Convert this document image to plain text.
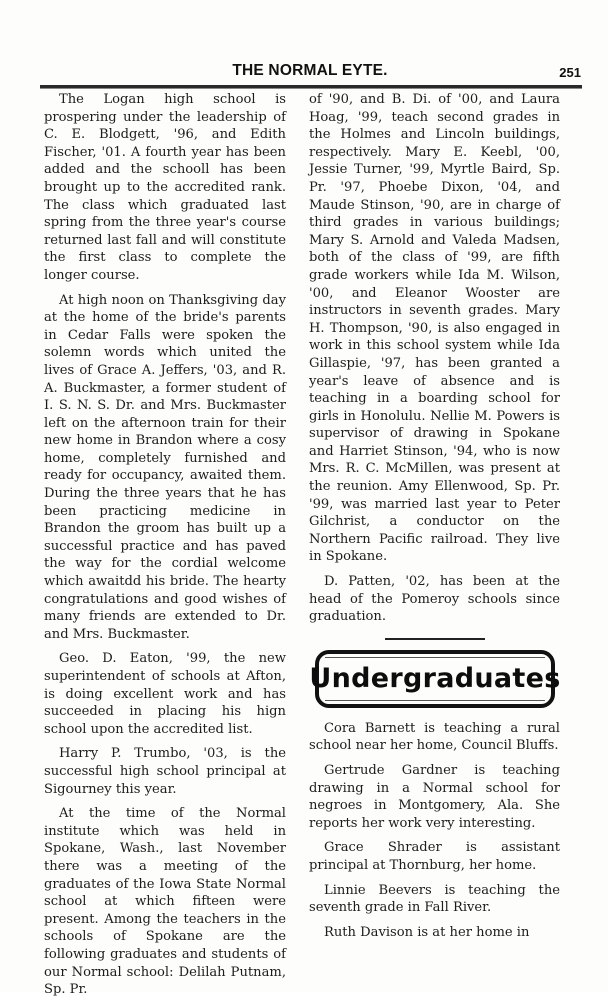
THE NORMAL EYTE.	251

The Logan high school is prospering under the leadership of C. E. Blodgett, '96, and Edith Fischer, '01. A fourth year has been added and the schooll has been brought up to the accredited rank. The class which graduated last spring from the three year's course returned last fall and will constitute the first class to complete the longer course.

At high noon on Thanksgiving day at the home of the bride's parents in Cedar Falls were spoken the solemn words which united the lives of Grace A. Jeffers, '03, and R. A. Buckmaster, a former student of I. S. N. S. Dr. and Mrs. Buckmaster left on the afternoon train for their new home in Brandon where a cosy home, completely furnished and ready for occupancy, awaited them. During the three years that he has been practicing medicine in Brandon the groom has built up a successful practice and has paved the way for the cordial welcome which awaitdd his bride. The hearty congratulations and good wishes of many friends are extended to Dr. and Mrs. Buckmaster.

Geo. D. Eaton, '99, the new superintendent of schools at Afton, is doing excellent work and has succeeded in placing his hign school upon the accredited list.

Harry P. Trumbo, '03, is the successful high school principal at Sigourney this year.

At the time of the Normal institute which was held in Spokane, Wash., last November there was a meeting of the graduates of the Iowa State Normal school at which fifteen were present. Among the teachers in the schools of Spokane are the following graduates and students of our Normal school: Delilah Putnam, Sp. Pr.

of '90, and B. Di. of '00, and Laura Hoag, '99, teach second grades in the Holmes and Lincoln buildings, respectively. Mary E. Keebl, '00, Jessie Turner, '99, Myrtle Baird, Sp. Pr. '97, Phoebe Dixon, '04, and Maude Stinson, '90, are in charge of third grades in various buildings; Mary S. Arnold and Valeda Madsen, both of the class of '99, are fifth grade workers while Ida M. Wilson, '00, and Eleanor Wooster are instructors in seventh grades. Mary H. Thompson, '90, is also engaged in work in this school system while Ida Gillaspie, '97, has been granted a year's leave of absence and is teaching in a boarding school for girls in Honolulu. Nellie M. Powers is supervisor of drawing in Spokane and Harriet Stinson, '94, who is now Mrs. R. C. McMillen, was present at the reunion. Amy Ellenwood, Sp. Pr. '99, was married last year to Peter Gilchrist, a conductor on the Northern Pacific railroad. They live in Spokane.

D. Patten, '02, has been at the head of the Pomeroy schools since graduation.

Undergraduates

Cora Barnett is teaching a rural school near her home, Council Bluffs.

Gertrude Gardner is teaching drawing in a Normal school for negroes in Montgomery, Ala. She reports her work very interesting.

Grace Shrader is assistant principal at Thornburg, her home.

Linnie Beevers is teaching the seventh grade in Fall River.

Ruth Davison is at her home in
